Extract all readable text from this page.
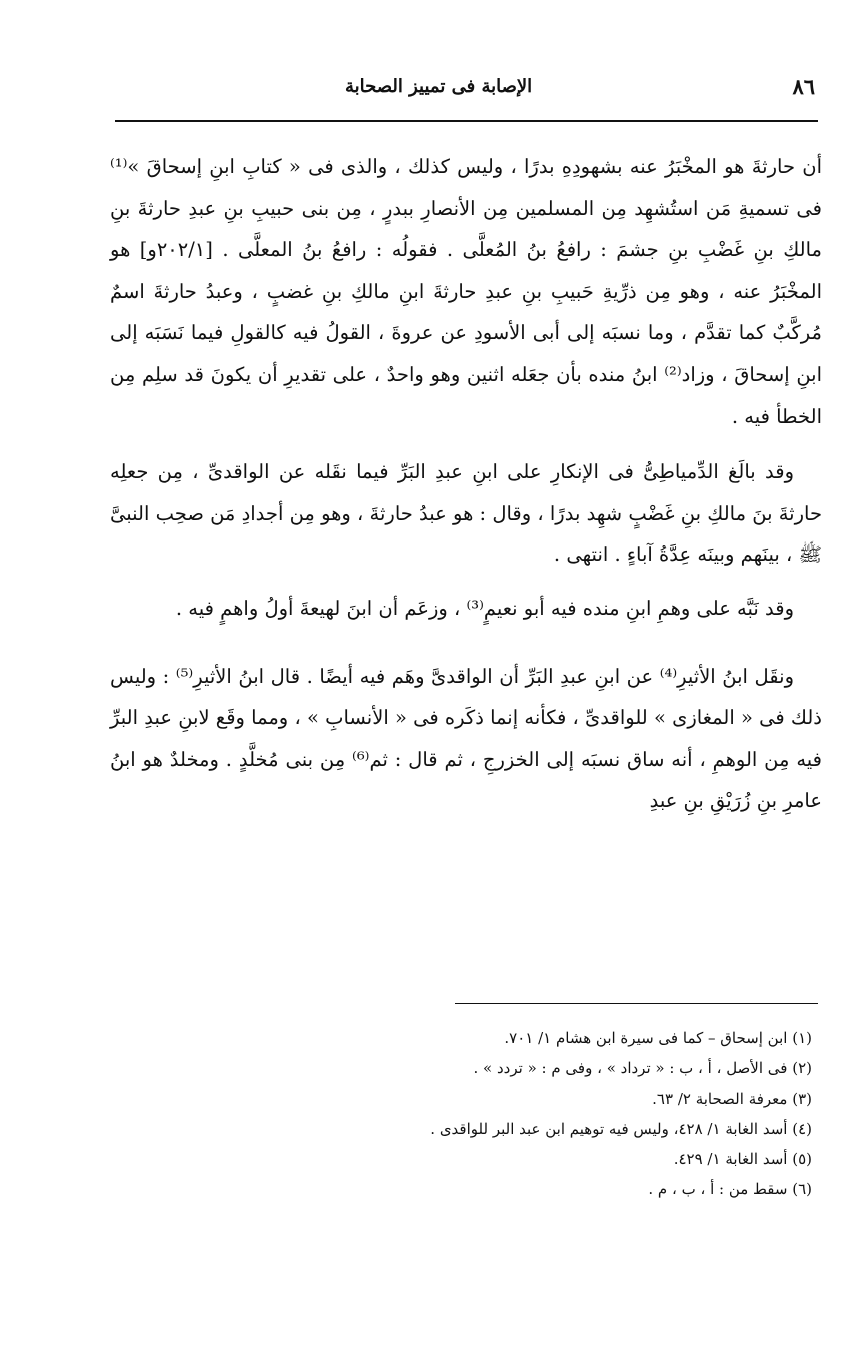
٨٦
الإصابة فى تمييز الصحابة

أن حارثةَ هو المخْبَرُ عنه بشهودِهِ بدرًا ، وليس كذلك ، والذى فى « كتابِ ابنِ إسحاقَ »⁽¹⁾ فى تسميةِ مَن استُشهِد مِن المسلمين مِن الأنصارِ ببدرٍ ، مِن بنى حبيبِ بنِ عبدِ حارثةَ بنِ مالكِ بنِ غَضْبِ بنِ جشمَ : رافعُ بنُ المُعلَّى . فقولُه : رافعُ بنُ المعلَّى . [٢٠٢/١و] هو المخْبَرُ عنه ، وهو مِن ذرِّيةِ حَبيبِ بنِ عبدِ حارثةَ ابنِ مالكِ بنِ غضبٍ ، وعبدُ حارثةَ اسمٌ مُركَّبٌ كما تقدَّم ، وما نسبَه إلى أبى الأسودِ عن عروةَ ، القولُ فيه كالقولِ فيما نَسَبَه إلى ابنِ إسحاقَ ، وزاد⁽²⁾ ابنُ منده بأن جعَله اثنين وهو واحدٌ ، على تقديرِ أن يكونَ قد سلِم مِن الخطأ فيه .

وقد بالَغ الدِّمياطِىُّ فى الإنكارِ على ابنِ عبدِ البَرِّ فيما نقَله عن الواقدىِّ ، مِن جعلِه حارثةَ بنَ مالكِ بنِ غَضْبٍ شهِد بدرًا ، وقال : هو عبدُ حارثةَ ، وهو مِن أجدادِ مَن صحِب النبىَّ ﷺ ، بينَهم وبينَه عِدَّةُ آباءٍ . انتهى .

وقد نَبَّه على وهمِ ابنِ منده فيه أبو نعيمٍ⁽³⁾ ، وزعَم أن ابنَ لهيعةَ أولُ واهمٍ فيه .

ونقَل ابنُ الأثيرِ⁽⁴⁾ عن ابنِ عبدِ البَرِّ أن الواقدىَّ وهَم فيه أيضًا . قال ابنُ الأثيرِ⁽⁵⁾ : وليس ذلك فى « المغازى » للواقدىِّ ، فكأنه إنما ذكَره فى « الأنسابِ » ، ومما وقَع لابنِ عبدِ البرِّ فيه مِن الوهمِ ، أنه ساق نسبَه إلى الخزرجِ ، ثم قال : ثم⁽⁶⁾ مِن بنى مُخلَّدٍ . ومخلدٌ هو ابنُ عامرِ بنِ زُرَيْقِ بنِ عبدِ

(١) ابن إسحاق – كما فى سيرة ابن هشام ١/ ٧٠١.
(٢) فى الأصل ، أ ، ب : « ترداد » ، وفى م : « تردد » .
(٣) معرفة الصحابة ٢/ ٦٣.
(٤) أسد الغابة ١/ ٤٢٨، وليس فيه توهيم ابن عبد البر للواقدى .
(٥) أسد الغابة ١/ ٤٢٩.
(٦) سقط من : أ ، ب ، م .
